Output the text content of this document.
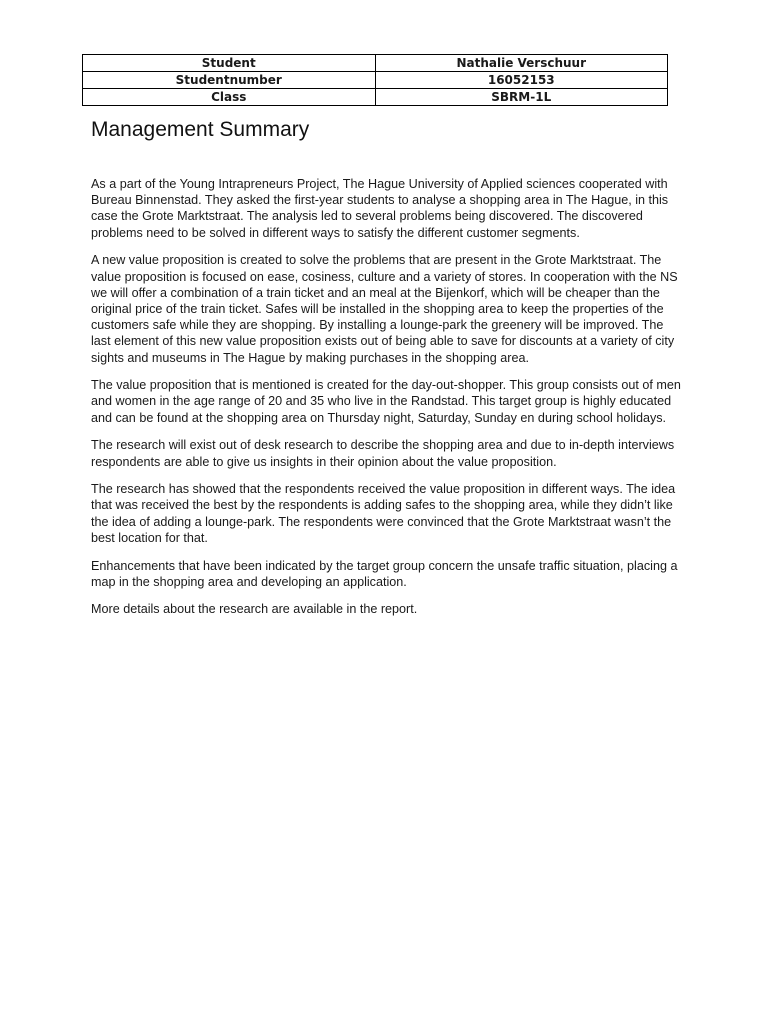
Student	Nathalie Verschuur
Studentnumber	16052153
Class	SBRM-1L
Management Summary

As a part of the Young Intrapreneurs Project, The Hague University of Applied sciences cooperated with Bureau Binnenstad. They asked the first-year students to analyse a shopping area in The Hague, in this case the Grote Marktstraat. The analysis led to several problems being discovered. The discovered problems need to be solved in different ways to satisfy the different customer segments.

A new value proposition is created to solve the problems that are present in the Grote Marktstraat. The value proposition is focused on ease, cosiness, culture and a variety of stores. In cooperation with the NS we will offer a combination of a train ticket and an meal at the Bijenkorf, which will be cheaper than the original price of the train ticket. Safes will be installed in the shopping area to keep the properties of the customers safe while they are shopping. By installing a lounge-park the greenery will be improved. The last element of this new value proposition exists out of being able to save for discounts at a variety of city sights and museums in The Hague by making purchases in the shopping area.

The value proposition that is mentioned is created for the day-out-shopper. This group consists out of men and women in the age range of 20 and 35 who live in the Randstad. This target group is highly educated and can be found at the shopping area on Thursday night, Saturday, Sunday en during school holidays.

The research will exist out of desk research to describe the shopping area and due to in-depth interviews respondents are able to give us insights in their opinion about the value proposition.

The research has showed that the respondents received the value proposition in different ways. The idea that was received the best by the respondents is adding safes to the shopping area, while they didn’t like the idea of adding a lounge-park. The respondents were convinced that the Grote Marktstraat wasn’t the best location for that.

Enhancements that have been indicated by the target group concern the unsafe traffic situation, placing a map in the shopping area and developing an application.

More details about the research are available in the report.
